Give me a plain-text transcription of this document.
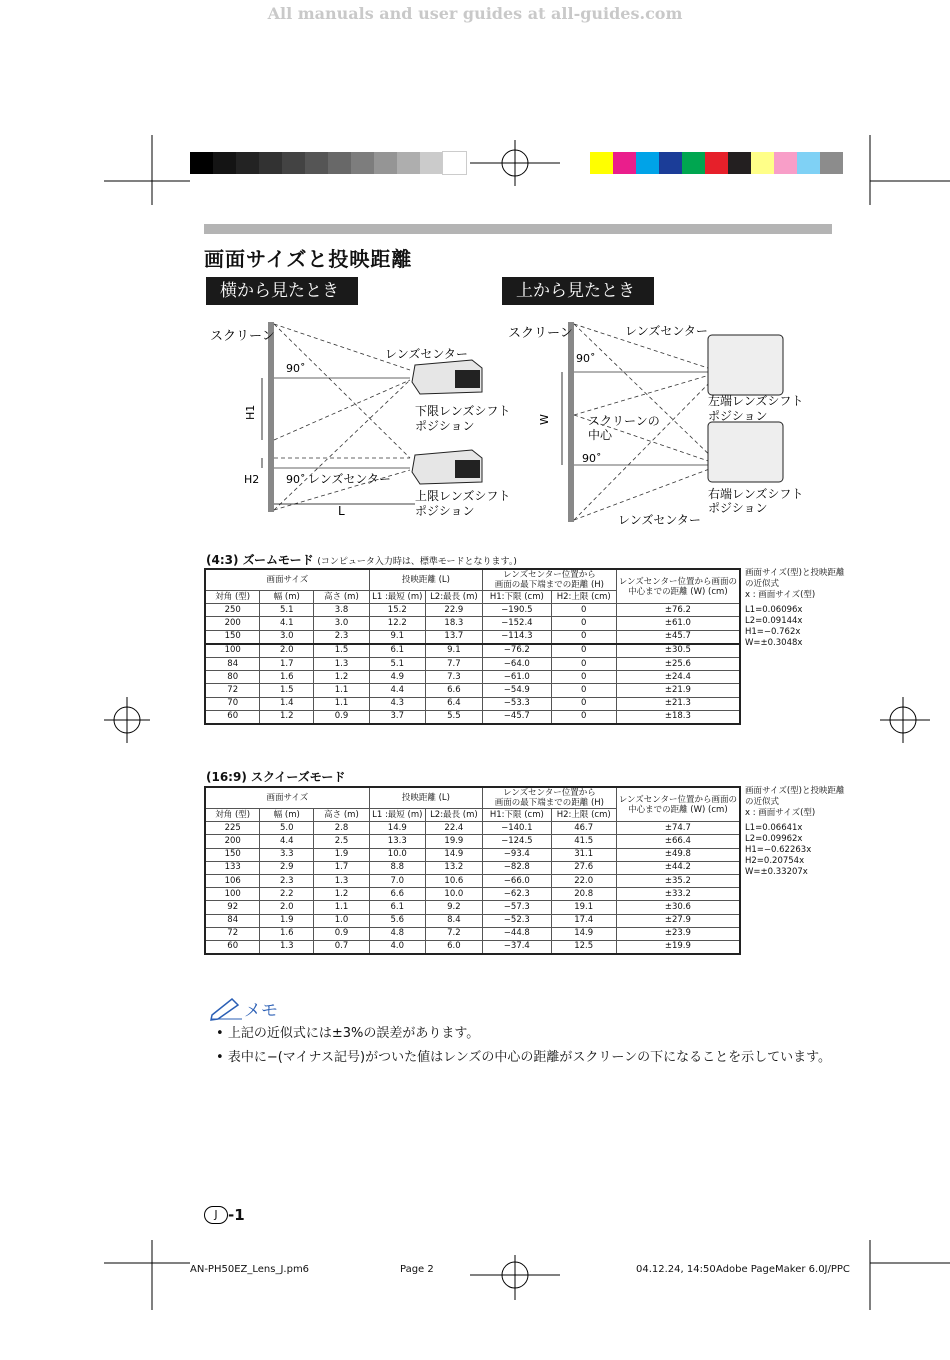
All manuals and user guides at all-guides.com
画面サイズと投映距離
横から見たとき	上から見たとき
スクリーン
90˚
レンズセンター
下限レンズシフト
ポジション
H1
H2 90˚ レンズセンター
上限レンズシフト
ポジション
L
スクリーン	レンズセンター
90˚
左端レンズシフト
ポジション
W	スクリーンの
中心
90˚
右端レンズシフト
ポジション
レンズセンター
(4:3) ズームモード (コンピュータ入力時は、標準モードとなります。)
画面サイズ			投映距離 (L)		レンズセンター位置から
画面の最下端までの距離 (H)		レンズセンター位置から画面の
中心までの距離 (W) (cm)

対角 (型)	幅 (m)	高さ (m)	L1 :最短 (m)	L2:最長 (m)	H1:下限 (cm)	H2:上限 (cm)	
250	5.1	3.8	15.2	22.9	−190.5	0	±76.2
200	4.1	3.0	12.2	18.3	−152.4	0	±61.0
150	3.0	2.3	9.1	13.7	−114.3	0	±45.7
100	2.0	1.5	6.1	9.1	−76.2	0	±30.5
84	1.7	1.3	5.1	7.7	−64.0	0	±25.6
80	1.6	1.2	4.9	7.3	−61.0	0	±24.4
72	1.5	1.1	4.4	6.6	−54.9	0	±21.9
70	1.4	1.1	4.3	6.4	−53.3	0	±21.3
60	1.2	0.9	3.7	5.5	−45.7	0	±18.3
画面サイズ(型)と投映距離
の近似式
x : 画面サイズ(型)
L1=0.06096x
L2=0.09144x
H1=−0.762x
W=±0.3048x
(16:9) スクイーズモード
画面サイズ			投映距離 (L)		レンズセンター位置から
画面の最下端までの距離 (H)		レンズセンター位置から画面の
中心までの距離 (W) (cm)

対角 (型)	幅 (m)	高さ (m)	L1 :最短 (m)	L2:最長 (m)	H1:下限 (cm)	H2:上限 (cm)	
225	5.0	2.8	14.9	22.4	−140.1	46.7	±74.7
200	4.4	2.5	13.3	19.9	−124.5	41.5	±66.4
150	3.3	1.9	10.0	14.9	−93.4	31.1	±49.8
133	2.9	1.7	8.8	13.2	−82.8	27.6	±44.2
106	2.3	1.3	7.0	10.6	−66.0	22.0	±35.2
100	2.2	1.2	6.6	10.0	−62.3	20.8	±33.2
92	2.0	1.1	6.1	9.2	−57.3	19.1	±30.6
84	1.9	1.0	5.6	8.4	−52.3	17.4	±27.9
72	1.6	0.9	4.8	7.2	−44.8	14.9	±23.9
60	1.3	0.7	4.0	6.0	−37.4	12.5	±19.9
画面サイズ(型)と投映距離
の近似式
x : 画面サイズ(型)
L1=0.06641x
L2=0.09962x
H1=−0.62263x
H2=0.20754x
W=±0.33207x
メモ
• 上記の近似式には±3%の誤差があります。
• 表中に−(マイナス記号)がついた値はレンズの中心の距離がスクリーンの下になることを示しています。
J -1
AN-PH50EZ_Lens_J.pm6	Page 2	04.12.24, 14:50 Adobe PageMaker 6.0J/PPC
